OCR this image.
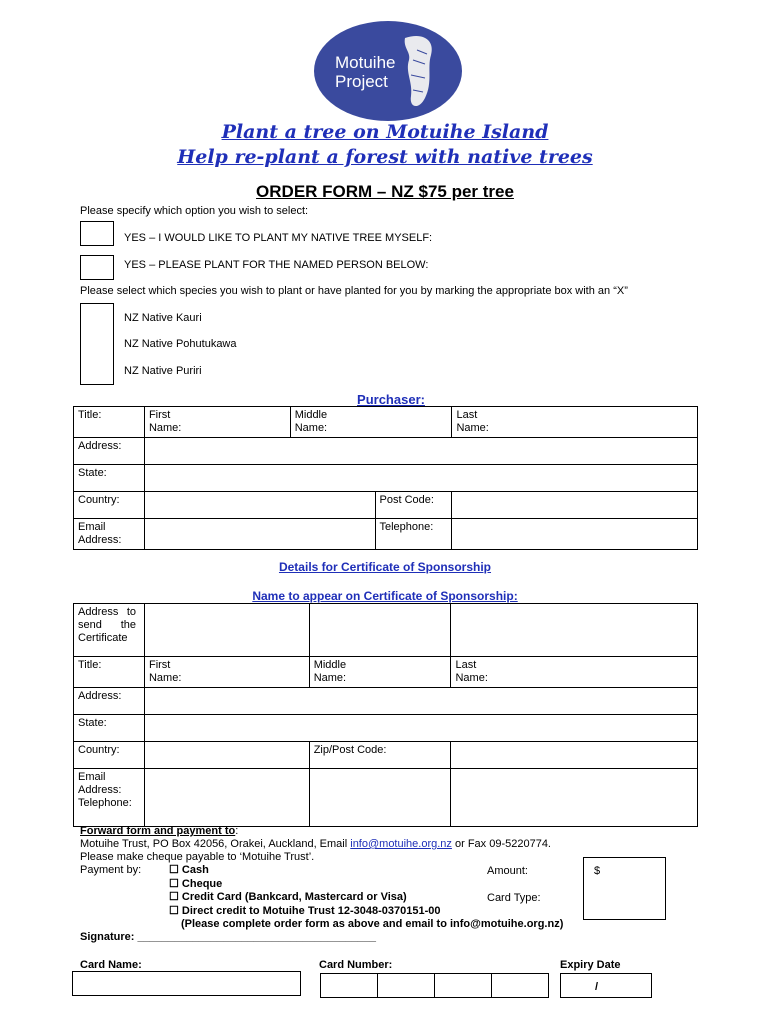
Motuihe
Project
Plant a tree on Motuihe Island
Help re-plant a forest with native trees
ORDER FORM – NZ $75 per tree
Please specify which option you wish to select:
YES – I WOULD LIKE TO PLANT MY NATIVE TREE MYSELF:
YES – PLEASE PLANT FOR THE NAMED PERSON BELOW:
Please select which species you wish to plant or have planted for you by marking the appropriate box with an “X”
NZ Native Kauri
NZ Native Pohutukawa
NZ Native Puriri
Purchaser:
Title:	First Name:	Middle Name:		Last Name:
Address:				
State:				
Country:			Post Code:	
Email Address:			Telephone:	
Details for Certificate of Sponsorship
Name to appear on Certificate of Sponsorship:
Address to send the Certificate			
Title:	First Name:	Middle Name:	Last Name:
Address:			
State:			
Country:		Zip/Post Code:	

Email Address:
Telephone:			

Forward form and payment to:
Motuihe Trust, PO Box 42056, Orakei, Auckland, Email info@motuihe.org.nz or Fax 09-5220774.
Please make cheque payable to ‘Motuihe Trust’.
Payment by:	☐ Cash
☐ Cheque
☐ Credit Card (Bankcard, Mastercard or Visa)
☐ Direct credit to Motuihe Trust 12-3048-0370151-00
(Please complete order form as above and email to info@motuihe.org.nz)
Amount:
Card Type:
$
Signature: _______________________________________
Card Name:	Card Number:	Expiry Date
/
